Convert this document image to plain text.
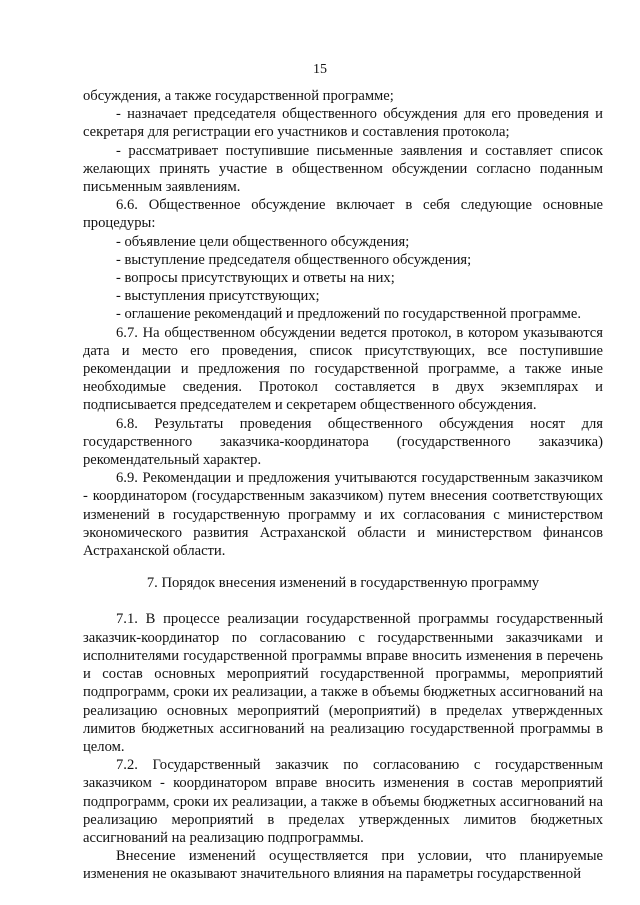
15

обсуждения, а также государственной программе;

- назначает председателя общественного обсуждения для его проведения и секретаря для регистрации его участников и составления протокола;

- рассматривает поступившие письменные заявления и составляет список желающих принять участие в общественном обсуждении согласно поданным письменным заявлениям.

6.6. Общественное обсуждение включает в себя следующие основные процедуры:

- объявление цели общественного обсуждения;

- выступление председателя общественного обсуждения;

- вопросы присутствующих и ответы на них;

- выступления присутствующих;

- оглашение рекомендаций и предложений по государственной программе.

6.7. На общественном обсуждении ведется протокол, в котором указываются дата и место его проведения, список присутствующих, все поступившие рекомендации и предложения по государственной программе, а также иные необходимые сведения. Протокол составляется в двух экземплярах и подписывается председателем и секретарем общественного обсуждения.

6.8. Результаты проведения общественного обсуждения носят для государственного заказчика-координатора (государственного заказчика) рекомендательный характер.

6.9. Рекомендации и предложения учитываются государственным заказчиком - координатором (государственным заказчиком) путем внесения соответствующих изменений в государственную программу и их согласования с министерством экономического развития Астраханской области и министерством финансов Астраханской области.

7. Порядок внесения изменений в государственную программу

7.1. В процессе реализации государственной программы государственный заказчик-координатор по согласованию с государственными заказчиками и исполнителями государственной программы вправе вносить изменения в перечень и состав основных мероприятий государственной программы, мероприятий подпрограмм, сроки их реализации, а также в объемы бюджетных ассигнований на реализацию основных мероприятий (мероприятий) в пределах утвержденных лимитов бюджетных ассигнований на реализацию государственной программы в целом.

7.2. Государственный заказчик по согласованию с государственным заказчиком - координатором вправе вносить изменения в состав мероприятий подпрограмм, сроки их реализации, а также в объемы бюджетных ассигнований на реализацию мероприятий в пределах утвержденных лимитов бюджетных ассигнований на реализацию подпрограммы.

Внесение изменений осуществляется при условии, что планируемые изменения не оказывают значительного влияния на параметры государственной
